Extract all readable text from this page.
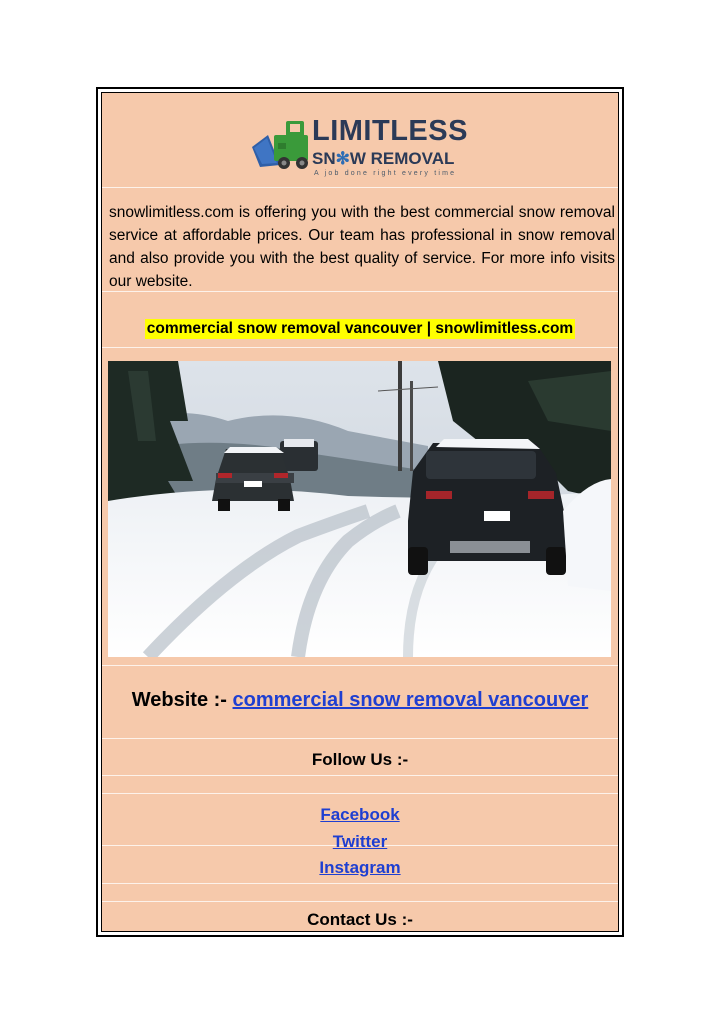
LIMITLESS
SN✻W REMOVAL
A job done right every time

snowlimitless.com is offering you with the best commercial snow removal service at affordable prices. Our team has professional in snow removal and also provide you with the best quality of service. For more info visits our website.

commercial snow removal vancouver | snowlimitless.com
Website :- commercial snow removal vancouver
Follow Us :-
Facebook
Twitter
Instagram
Contact Us :-
